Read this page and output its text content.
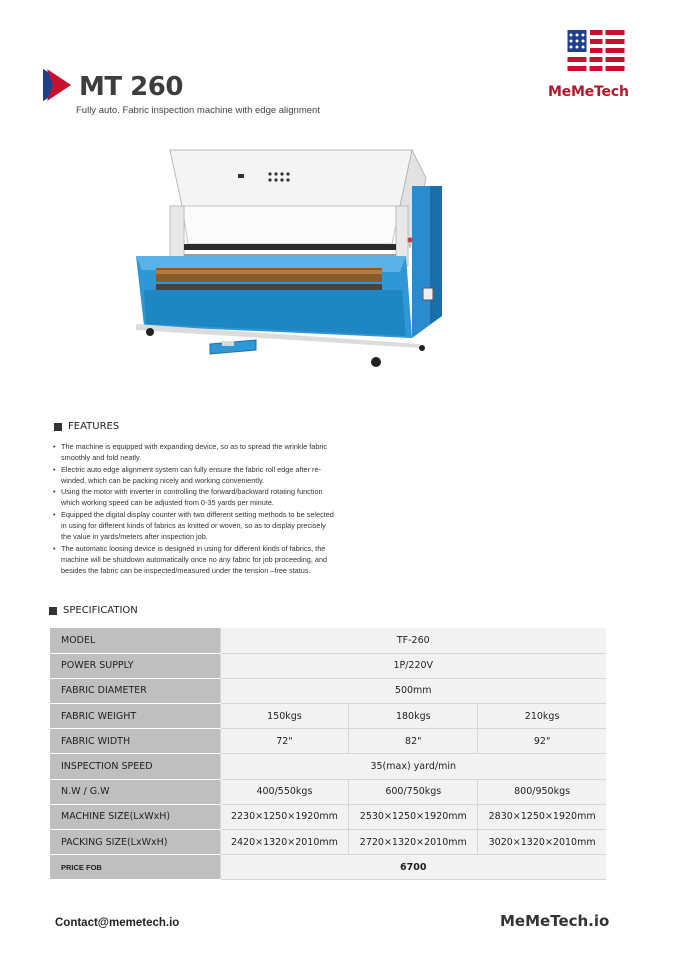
MT 260
Fully auto. Fabric inspection machine with edge alignment
MeMeTech
FEATURES
• The machine is equipped with expanding device, so as to spread the wrinkle fabric smoothly and fold neatly.
• Electric auto edge alignment system can fully ensure the fabric roll edge after re-winded, which can be packing nicely and working conveniently.
• Using the motor with inverter in controlling the forward/backward rotating function which working speed can be adjusted from 0-35 yards per minute.
• Equipped the digital display counter with two different setting methods to be selected in using for different kinds of fabrics as knitted or woven, so as to display precisely the value in yards/meters after inspection job.
• The automatic loosing device is designed in using for different kinds of fabrics, the machine will be shutdown automatically once no any fabric for job proceeding, and besides the fabric can be inspected/measured under the tension –free status.
SPECIFICATION
MODEL	TF-260		
POWER SUPPLY	1P/220V		
FABRIC DIAMETER	500mm		
FABRIC WEIGHT	150kgs	180kgs	210kgs
FABRIC WIDTH	72"	82"	92"
INSPECTION SPEED	35(max) yard/min		
N.W / G.W	400/550kgs	600/750kgs	800/950kgs
MACHINE SIZE(LxWxH)	2230×1250×1920mm	2530×1250×1920mm	2830×1250×1920mm
PACKING SIZE(LxWxH)	2420×1320×2010mm	2720×1320×2010mm	3020×1320×2010mm
PRICE FOB	6700		
Contact@memetech.io	MeMeTech.io
